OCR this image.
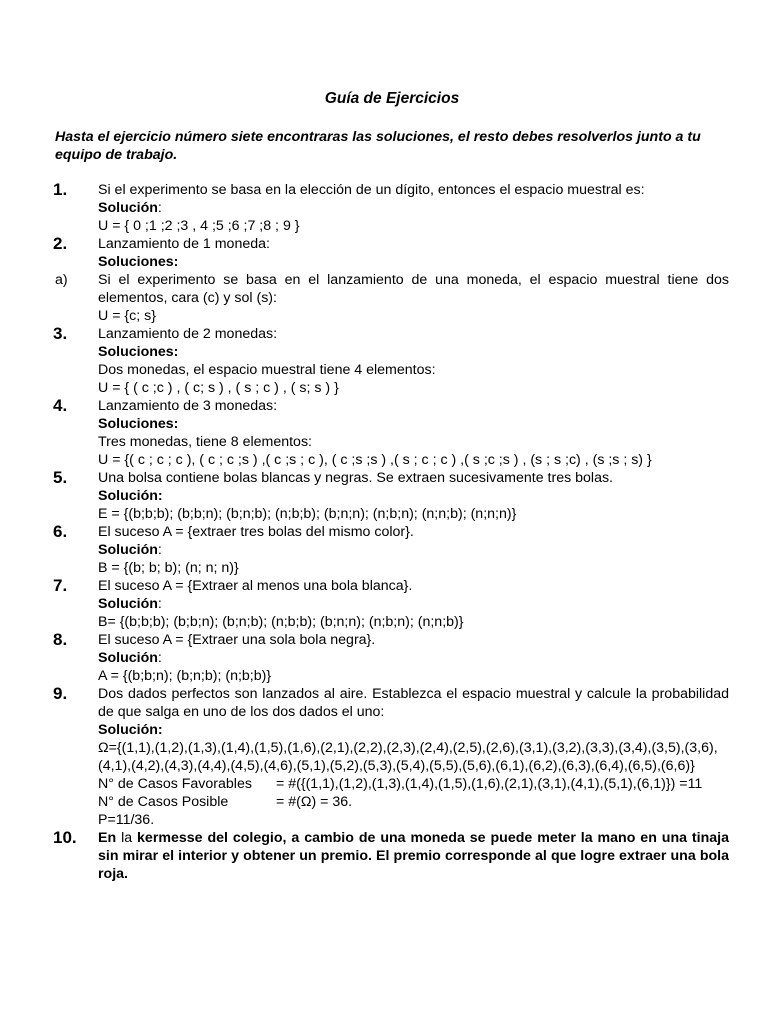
Guía de Ejercicios
Hasta el ejercicio número siete encontraras las soluciones, el resto debes resolverlos junto a tu equipo de trabajo.
1. Si el experimento se basa en la elección de un dígito, entonces el espacio muestral es:
Solución:
U = { 0 ;1 ;2 ;3 , 4 ;5 ;6 ;7 ;8 ; 9 }
2. Lanzamiento de 1 moneda:
Soluciones:
a) Si el experimento se basa en el lanzamiento de una moneda, el espacio muestral tiene dos elementos, cara (c) y sol (s):
U = {c; s}
3. Lanzamiento de 2 monedas:
Soluciones:
Dos monedas, el espacio muestral tiene 4 elementos:
U = { ( c ;c ) , ( c; s ) , ( s ; c ) , ( s; s ) }
4. Lanzamiento de 3 monedas:
Soluciones:
Tres monedas, tiene 8 elementos:
U = {( c ; c ; c ), ( c ; c ;s ) ,( c ;s ; c ), ( c ;s ;s ) ,( s ; c ; c ) ,( s ;c ;s ) , (s ; s ;c) , (s ;s ; s) }
5. Una bolsa contiene bolas blancas y negras. Se extraen sucesivamente tres bolas.
Solución:
E = {(b;b;b); (b;b;n); (b;n;b); (n;b;b); (b;n;n); (n;b;n); (n;n;b); (n;n;n)}
6. El suceso A = {extraer tres bolas del mismo color}.
Solución:
B = {(b; b; b); (n; n; n)}
7. El suceso A = {Extraer al menos una bola blanca}.
Solución:
B= {(b;b;b); (b;b;n); (b;n;b); (n;b;b); (b;n;n); (n;b;n); (n;n;b)}
8. El suceso A = {Extraer una sola bola negra}.
Solución:
A = {(b;b;n); (b;n;b); (n;b;b)}
9. Dos dados perfectos son lanzados al aire. Establezca el espacio muestral y calcule la probabilidad de que salga en uno de los dos dados el uno:
Solución:
Ω={(1,1),(1,2),(1,3),(1,4),(1,5),(1,6),(2,1),(2,2),(2,3),(2,4),(2,5),(2,6),(3,1),(3,2),(3,3),(3,4),(3,5),(3,6),(4,1),(4,2),(4,3),(4,4),(4,5),(4,6),(5,1),(5,2),(5,3),(5,4),(5,5),(5,6),(6,1),(6,2),(6,3),(6,4),(6,5),(6,6)}
N° de Casos Favorables = #({(1,1),(1,2),(1,3),(1,4),(1,5),(1,6),(2,1),(3,1),(4,1),(5,1),(6,1)}) =11
N° de Casos Posible	= #(Ω) = 36.
P=11/36.
10. En la kermesse del colegio, a cambio de una moneda se puede meter la mano en una tinaja sin mirar el interior y obtener un premio. El premio corresponde al que logre extraer una bola roja.
